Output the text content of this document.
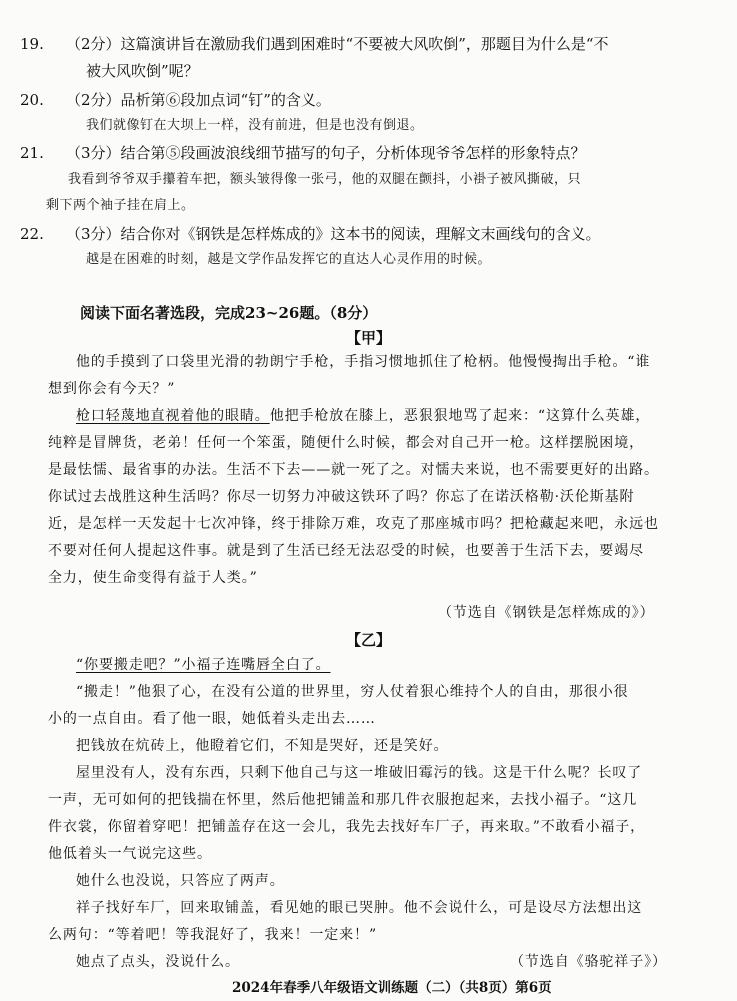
19. （2分）这篇演讲旨在激励我们遇到困难时“不要被大风吹倒”，那题目为什么是“不
被大风吹倒”呢？
20. （2分）品析第⑥段加点词“钉”的含义。
我们就像钉在大坝上一样，没有前进，但是也没有倒退。
21. （3分）结合第⑤段画波浪线细节描写的句子，分析体现爷爷怎样的形象特点？
我看到爷爷双手攥着车把，额头皱得像一张弓，他的双腿在颤抖，小褂子被风撕破，只
剩下两个袖子挂在肩上。
22. （3分）结合你对《钢铁是怎样炼成的》这本书的阅读，理解文末画线句的含义。
越是在困难的时刻，越是文学作品发挥它的直达人心灵作用的时候。
阅读下面名著选段，完成23~26题。（8分）
【甲】
他的手摸到了口袋里光滑的勃朗宁手枪，手指习惯地抓住了枪柄。他慢慢掏出手枪。“谁
想到你会有今天？”
枪口轻蔑地直视着他的眼睛。他把手枪放在膝上，恶狠狠地骂了起来：“这算什么英雄，
纯粹是冒牌货，老弟！任何一个笨蛋，随便什么时候，都会对自己开一枪。这样摆脱困境，
是最怯懦、最省事的办法。生活不下去——就一死了之。对懦夫来说，也不需要更好的出路。
你试过去战胜这种生活吗？你尽一切努力冲破这铁环了吗？你忘了在诺沃格勒·沃伦斯基附
近，是怎样一天发起十七次冲锋，终于排除万难，攻克了那座城市吗？把枪藏起来吧，永远也
不要对任何人提起这件事。就是到了生活已经无法忍受的时候，也要善于生活下去，要竭尽
全力，使生命变得有益于人类。”
（节选自《钢铁是怎样炼成的》）
【乙】
“你要搬走吧？”小福子连嘴唇全白了。
“搬走！”他狠了心，在没有公道的世界里，穷人仗着狠心维持个人的自由，那很小很
小的一点自由。看了他一眼，她低着头走出去……
把钱放在炕砖上，他瞪着它们，不知是哭好，还是笑好。
屋里没有人，没有东西，只剩下他自己与这一堆破旧霉污的钱。这是干什么呢？长叹了
一声，无可如何的把钱揣在怀里，然后他把铺盖和那几件衣服抱起来，去找小福子。“这几
件衣裳，你留着穿吧！把铺盖存在这一会儿，我先去找好车厂子，再来取。”不敢看小福子，
他低着头一气说完这些。
她什么也没说，只答应了两声。
祥子找好车厂，回来取铺盖，看见她的眼已哭肿。他不会说什么，可是设尽方法想出这
么两句：“等着吧！等我混好了，我来！一定来！”
她点了点头，没说什么。	（节选自《骆驼祥子》）
2024年春季八年级语文训练题（二）（共8页）第6页
